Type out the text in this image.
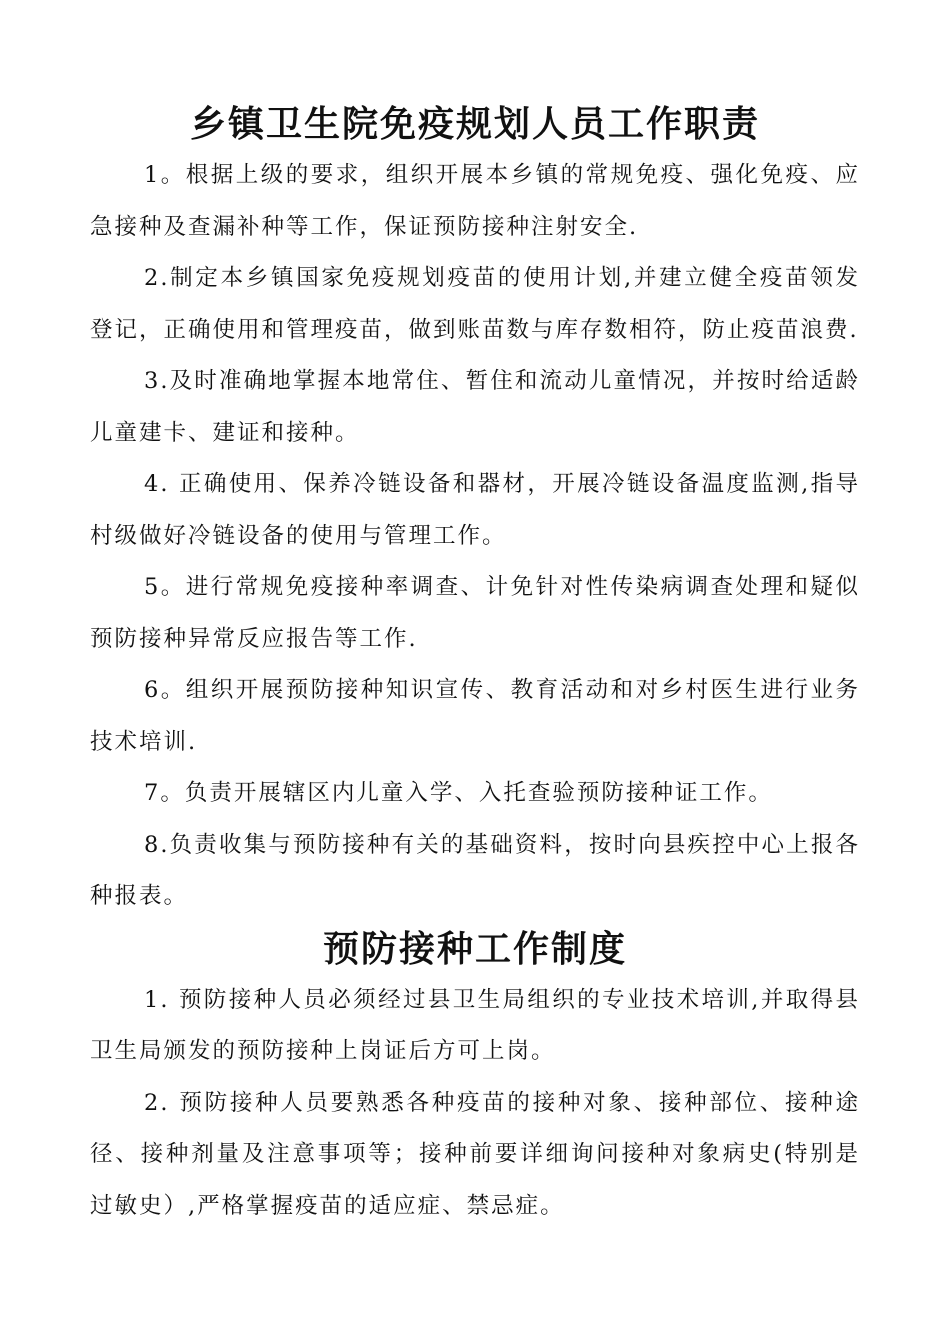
乡镇卫生院免疫规划人员工作职责

1。根据上级的要求，组织开展本乡镇的常规免疫、强化免疫、应急接种及查漏补种等工作，保证预防接种注射安全.

2.制定本乡镇国家免疫规划疫苗的使用计划,并建立健全疫苗领发登记，正确使用和管理疫苗，做到账苗数与库存数相符，防止疫苗浪费.

3.及时准确地掌握本地常住、暂住和流动儿童情况，并按时给适龄儿童建卡、建证和接种。

4. 正确使用、保养冷链设备和器材，开展冷链设备温度监测,指导村级做好冷链设备的使用与管理工作。

5。进行常规免疫接种率调查、计免针对性传染病调查处理和疑似预防接种异常反应报告等工作.

6。组织开展预防接种知识宣传、教育活动和对乡村医生进行业务技术培训.

7。负责开展辖区内儿童入学、入托查验预防接种证工作。

8.负责收集与预防接种有关的基础资料，按时向县疾控中心上报各种报表。

预防接种工作制度

1. 预防接种人员必须经过县卫生局组织的专业技术培训,并取得县卫生局颁发的预防接种上岗证后方可上岗。

2. 预防接种人员要熟悉各种疫苗的接种对象、接种部位、接种途径、接种剂量及注意事项等；接种前要详细询问接种对象病史(特别是过敏史）,严格掌握疫苗的适应症、禁忌症。
